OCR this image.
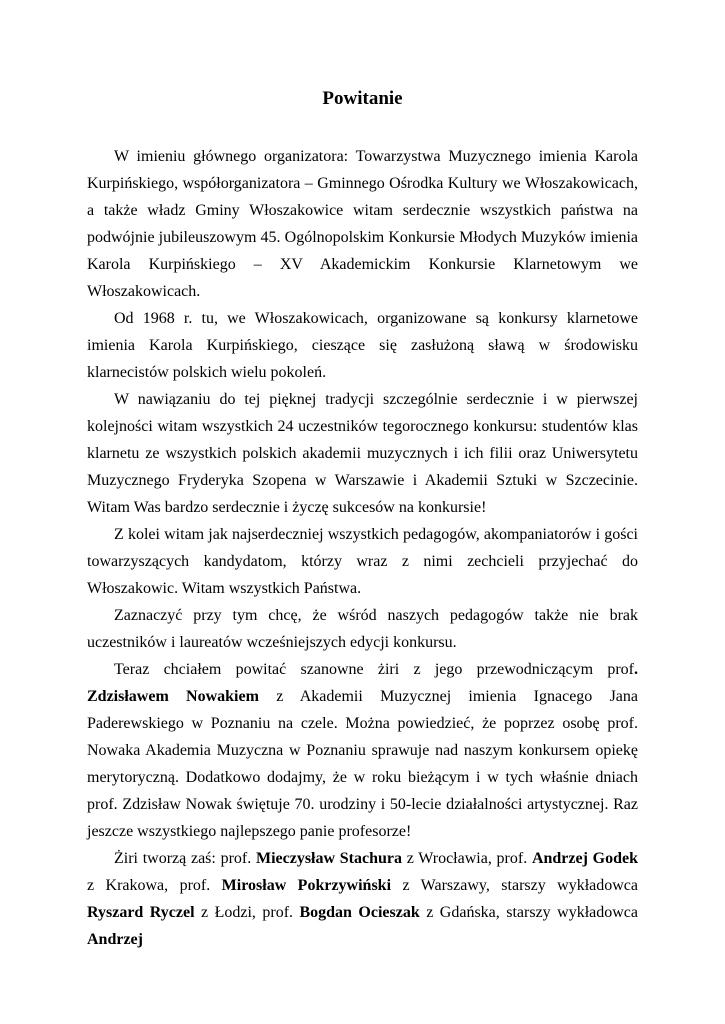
Powitanie

W imieniu głównego organizatora: Towarzystwa Muzycznego imienia Karola Kurpińskiego, współorganizatora – Gminnego Ośrodka Kultury we Włoszakowicach, a także władz Gminy Włoszakowice witam serdecznie wszystkich państwa na podwójnie jubileuszowym 45. Ogólnopolskim Konkursie Młodych Muzyków imienia Karola Kurpińskiego – XV Akademickim Konkursie Klarnetowym we Włoszakowicach.

Od 1968 r. tu, we Włoszakowicach, organizowane są konkursy klarnetowe imienia Karola Kurpińskiego, cieszące się zasłużoną sławą w środowisku klarnecistów polskich wielu pokoleń.

W nawiązaniu do tej pięknej tradycji szczególnie serdecznie i w pierwszej kolejności witam wszystkich 24 uczestników tegorocznego konkursu: studentów klas klarnetu ze wszystkich polskich akademii muzycznych i ich filii oraz Uniwersytetu Muzycznego Fryderyka Szopena w Warszawie i Akademii Sztuki w Szczecinie. Witam Was bardzo serdecznie i życzę sukcesów na konkursie!

Z kolei witam jak najserdeczniej wszystkich pedagogów, akompaniatorów i gości towarzyszących kandydatom, którzy wraz z nimi zechcieli przyjechać do Włoszakowic. Witam wszystkich Państwa.

Zaznaczyć przy tym chcę, że wśród naszych pedagogów także nie brak uczestników i laureatów wcześniejszych edycji konkursu.

Teraz chciałem powitać szanowne żiri z jego przewodniczącym prof. Zdzisławem Nowakiem z Akademii Muzycznej imienia Ignacego Jana Paderewskiego w Poznaniu na czele. Można powiedzieć, że poprzez osobę prof. Nowaka Akademia Muzyczna w Poznaniu sprawuje nad naszym konkursem opiekę merytoryczną. Dodatkowo dodajmy, że w roku bieżącym i w tych właśnie dniach prof. Zdzisław Nowak świętuje 70. urodziny i 50-lecie działalności artystycznej. Raz jeszcze wszystkiego najlepszego panie profesorze!

Żiri tworzą zaś: prof. Mieczysław Stachura z Wrocławia, prof. Andrzej Godek z Krakowa, prof. Mirosław Pokrzywiński z Warszawy, starszy wykładowca Ryszard Ryczel z Łodzi, prof. Bogdan Ocieszak z Gdańska, starszy wykładowca Andrzej
